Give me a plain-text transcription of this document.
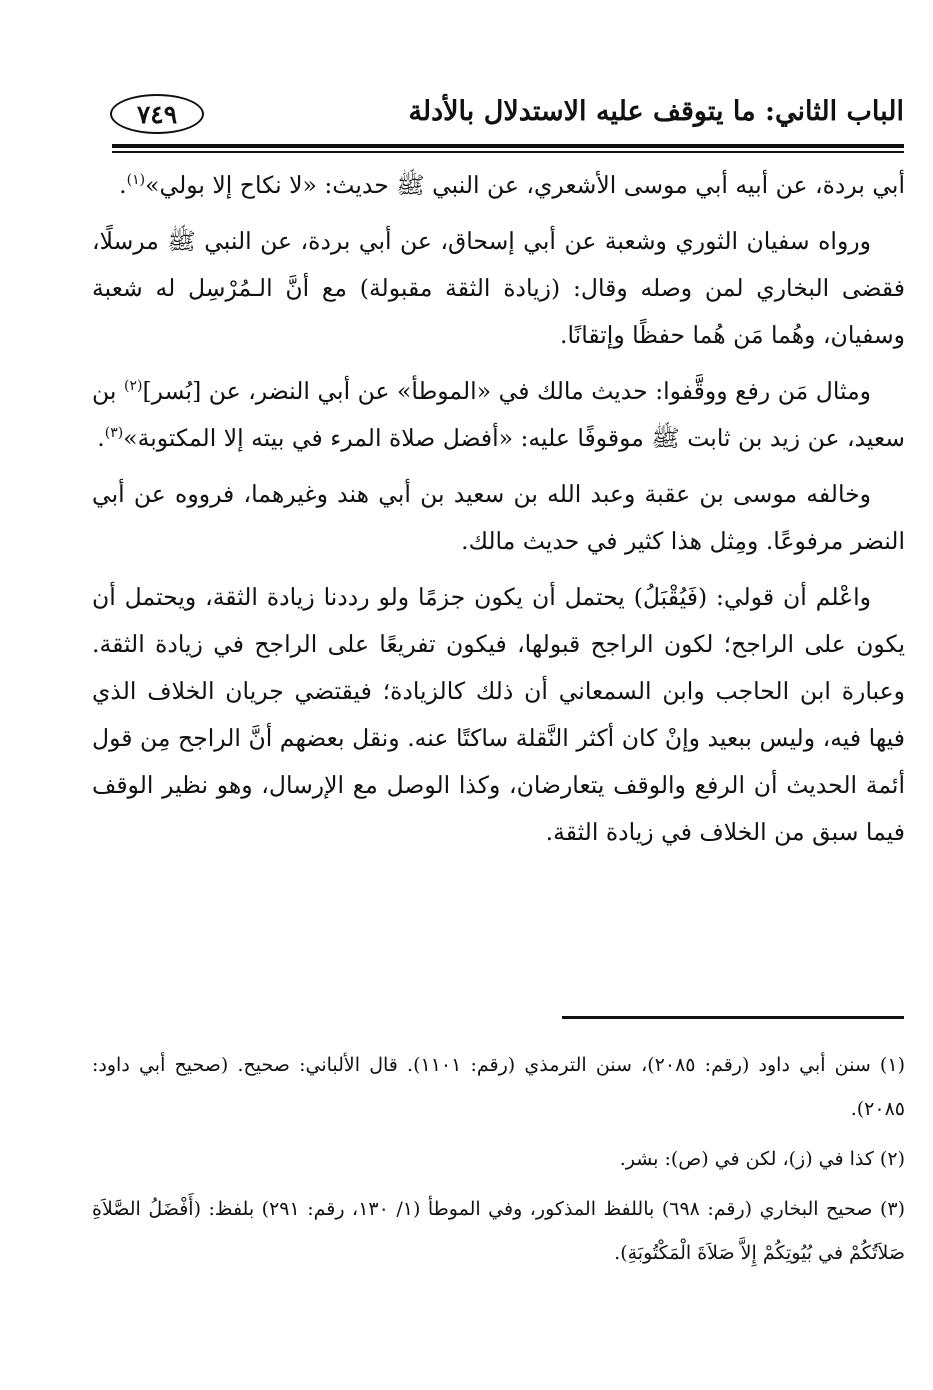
الباب الثاني: ما يتوقف عليه الاستدلال بالأدلة
٧٤٩

أبي بردة، عن أبيه أبي موسى الأشعري، عن النبي ﷺ حديث: «لا نكاح إلا بولي»$^{(١)}$.

ورواه سفيان الثوري وشعبة عن أبي إسحاق، عن أبي بردة، عن النبي ﷺ مرسلًا، فقضى البخاري لمن وصله وقال: (زيادة الثقة مقبولة) مع أنَّ الـمُرْسِل له شعبة وسفيان، وهُما مَن هُما حفظًا وإتقانًا.

ومثال مَن رفع ووقَّفوا: حديث مالك في «الموطأ» عن أبي النضر، عن [بُسر]$^{(٢)}$ بن سعيد، عن زيد بن ثابت ﷺ موقوفًا عليه: «أفضل صلاة المرء في بيته إلا المكتوبة»$^{(٣)}$.

وخالفه موسى بن عقبة وعبد الله بن سعيد بن أبي هند وغيرهما، فرووه عن أبي النضر مرفوعًا. ومِثل هذا كثير في حديث مالك.

واعْلم أن قولي: (فَيُقْبَلُ) يحتمل أن يكون جزمًا ولو رددنا زيادة الثقة، ويحتمل أن يكون على الراجح؛ لكون الراجح قبولها، فيكون تفريعًا على الراجح في زيادة الثقة. وعبارة ابن الحاجب وابن السمعاني أن ذلك كالزيادة؛ فيقتضي جريان الخلاف الذي فيها فيه، وليس ببعيد وإنْ كان أكثر النَّقلة ساكتًا عنه. ونقل بعضهم أنَّ الراجح مِن قول أئمة الحديث أن الرفع والوقف يتعارضان، وكذا الوصل مع الإرسال، وهو نظير الوقف فيما سبق من الخلاف في زيادة الثقة.

(١) سنن أبي داود (رقم: ٢٠٨٥)، سنن الترمذي (رقم: ١١٠١). قال الألباني: صحيح. (صحيح أبي داود: ٢٠٨٥).

(٢) كذا في (ز)، لكن في (ص): بشر.

(٣) صحيح البخاري (رقم: ٦٩٨) باللفظ المذكور، وفي الموطأ (١/ ١٣٠، رقم: ٢٩١) بلفظ: (أَفْضَلُ الصَّلاَةِ صَلاَتُكُمْ في بُيُوتِكُمْ إِلاَّ صَلاَةَ الْمَكْتُوبَةِ).
